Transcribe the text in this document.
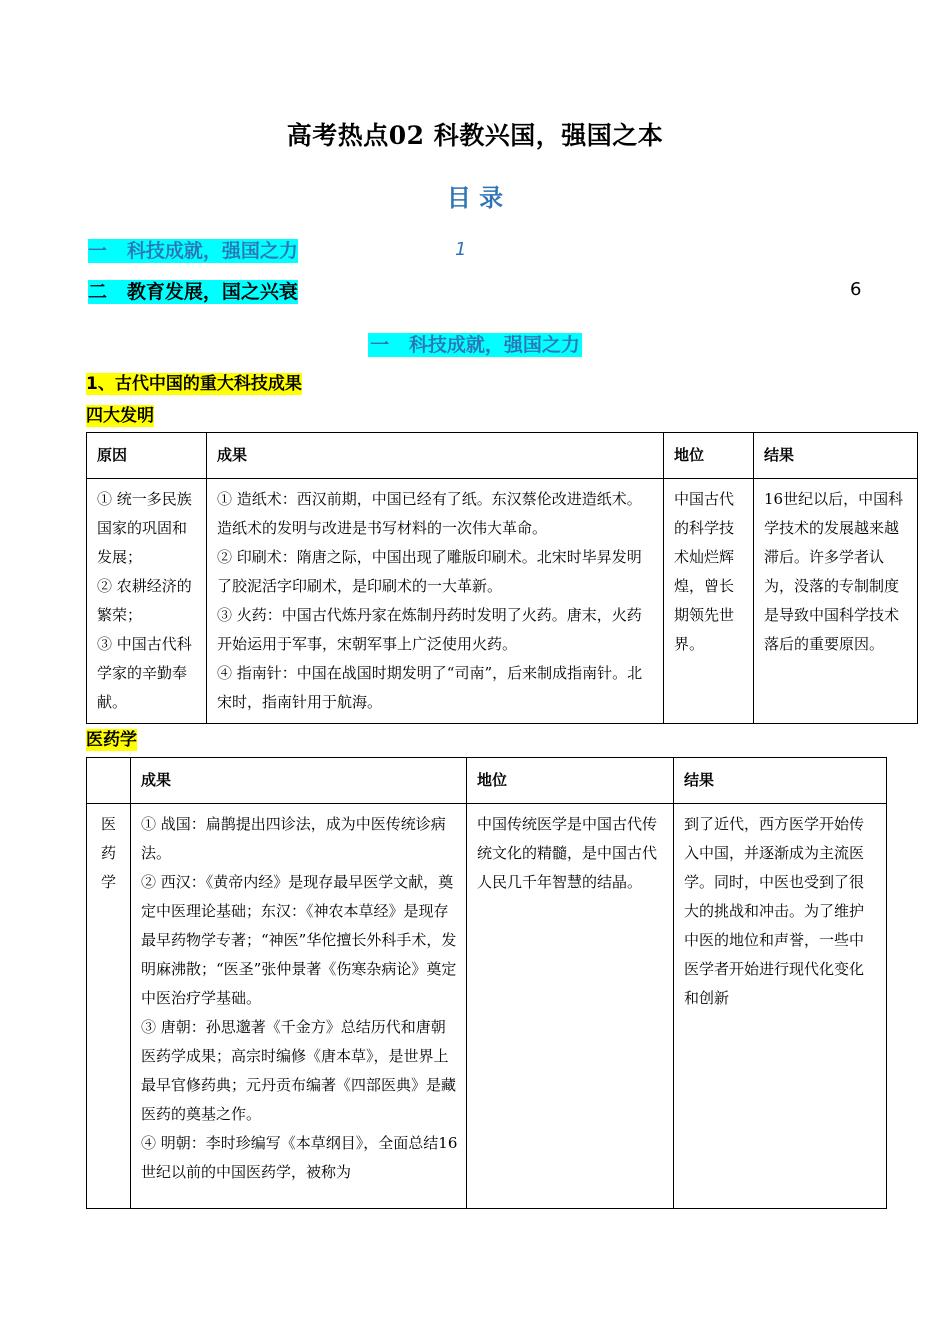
高考热点02 科教兴国，强国之本
目 录
一   科技成就，强国之力	1
二   教育发展，国之兴衰	6
一   科技成就，强国之力
1、古代中国的重大科技成果
四大发明
原因	成果	地位	结果

① 统一多民族国家的巩固和发展；
② 农耕经济的繁荣；
③ 中国古代科学家的辛勤奉献。	① 造纸术：西汉前期，中国已经有了纸。东汉蔡伦改进造纸术。造纸术的发明与改进是书写材料的一次伟大革命。
② 印刷术：隋唐之际，中国出现了雕版印刷术。北宋时毕昇发明了胶泥活字印刷术，是印刷术的一大革新。
③ 火药：中国古代炼丹家在炼制丹药时发明了火药。唐末，火药开始运用于军事，宋朝军事上广泛使用火药。
④ 指南针：中国在战国时期发明了“司南”，后来制成指南针。北宋时，指南针用于航海。	中国古代的科学技术灿烂辉煌，曾长期领先世界。	16世纪以后，中国科学技术的发展越来越滞后。许多学者认为，没落的专制制度是导致中国科学技术落后的重要原因。
医药学
	成果	地位	结果

医药学	① 战国：扁鹊提出四诊法，成为中医传统诊病法。
② 西汉：《黄帝内经》是现存最早医学文献，奠定中医理论基础；东汉：《神农本草经》是现存最早药物学专著；“神医”华佗擅长外科手术，发明麻沸散；“医圣”张仲景著《伤寒杂病论》奠定中医治疗学基础。
③ 唐朝：孙思邈著《千金方》总结历代和唐朝医药学成果；高宗时编修《唐本草》，是世界上最早官修药典；元丹贡布编著《四部医典》是藏医药的奠基之作。
④ 明朝：李时珍编写《本草纲目》，全面总结16世纪以前的中国医药学，被称为	中国传统医学是中国古代传统文化的精髓，是中国古代人民几千年智慧的结晶。	到了近代，西方医学开始传入中国，并逐渐成为主流医学。同时，中医也受到了很大的挑战和冲击。为了维护中医的地位和声誉，一些中医学者开始进行现代化变化和创新
